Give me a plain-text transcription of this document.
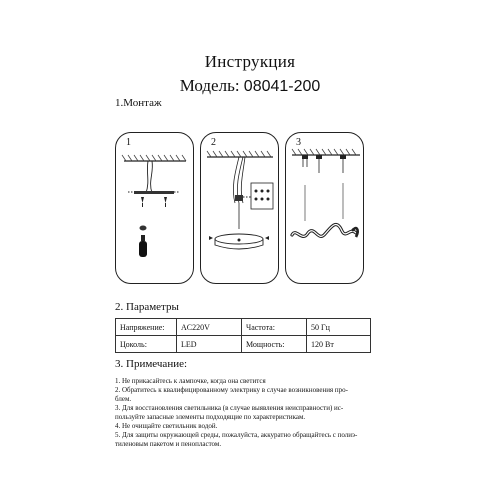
Инструкция
Модель: 08041-200
1.Монтаж
1	2	3
2. Параметры
Напряжение:	AC220V	Частота:	50 Гц
Цоколь:	LED	Мощность:	120 Вт
3. Примечание:
1. Не прикасайтесь к лампочке, когда она светится
2. Обратитесь к квалифицированному электрику в случае возникновения про-
блем.
3. Для восстановления светильника (в случае выявления неисправности) ис-
пользуйте запасные элементы подходящие по характеристикам.
4. Не очищайте светильник водой.
5. Для защиты окружающей среды, пожалуйста, аккуратно обращайтесь с полиэ-
тиленовым пакетом и пенопластом.
